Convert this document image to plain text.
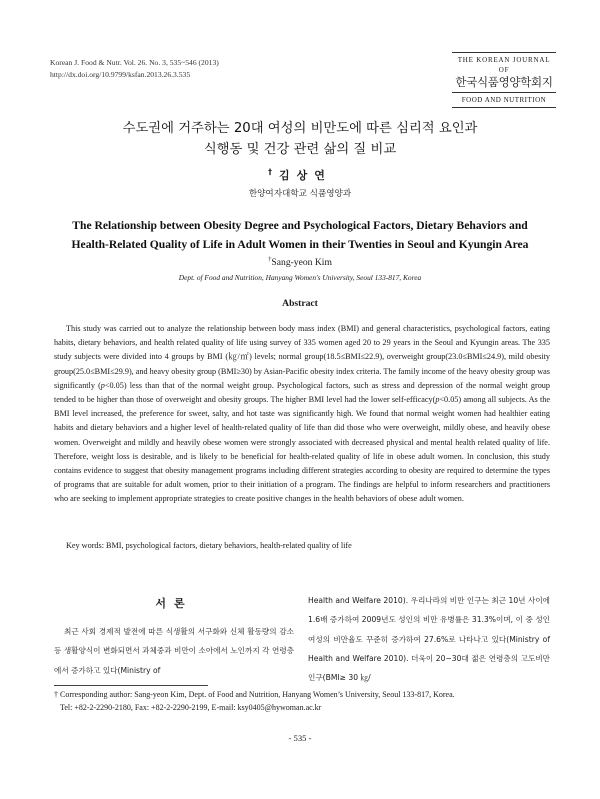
Korean J. Food & Nutr. Vol. 26. No. 3, 535~546 (2013)
http://dx.doi.org/10.9799/ksfan.2013.26.3.535
THE KOREAN JOURNAL OF
한국식품영양학회지
FOOD AND NUTRITION
수도권에 거주하는 20대 여성의 비만도에 따른 심리적 요인과
식행동 및 건강 관련 삶의 질 비교
†김상연
한양여자대학교 식품영양과
The Relationship between Obesity Degree and Psychological Factors, Dietary Behaviors and
Health-Related Quality of Life in Adult Women in their Twenties in Seoul and Kyungin Area
†Sang-yeon Kim
Dept. of Food and Nutrition, Hanyang Women's University, Seoul 133-817, Korea
Abstract

This study was carried out to analyze the relationship between body mass index (BMI) and general characteristics, psychological factors, eating habits, dietary behaviors, and health related quality of life using survey of 335 women aged 20 to 29 years in the Seoul and Kyungin areas. The 335 study subjects were divided into 4 groups by BMI (㎏/㎡) levels; normal group(18.5≤BMI≤22.9), overweight group(23.0≤BMI≤24.9), mild obesity group(25.0≤BMI≤29.9), and heavy obesity group (BMI≥30) by Asian-Pacific obesity index criteria. The family income of the heavy obesity group was significantly (p<0.05) less than that of the normal weight group. Psychological factors, such as stress and depression of the normal weight group tended to be higher than those of overweight and obesity groups. The higher BMI level had the lower self-efficacy(p<0.05) among all subjects. As the BMI level increased, the preference for sweet, salty, and hot taste was significantly high. We found that normal weight women had healthier eating habits and dietary behaviors and a higher level of health-related quality of life than did those who were overweight, mildly obese, and heavily obese women. Overweight and mildly and heavily obese women were strongly associated with decreased physical and mental health related quality of life. Therefore, weight loss is desirable, and is likely to be beneficial for health-related quality of life in obese adult women. In conclusion, this study contains evidence to suggest that obesity management programs including different strategies according to obesity are required to determine the types of programs that are suitable for adult women, prior to their initiation of a program. The findings are helpful to inform researchers and practitioners who are seeking to implement appropriate strategies to create positive changes in the health behaviors of obese adult women.

Key words: BMI, psychological factors, dietary behaviors, health-related quality of life
서론

최근 사회 경제적 발전에 따른 식생활의 서구화와 신체 활동량의 감소 등 생활양식이 변화되면서 과체중과 비만이 소아에서 노인까지 각 연령층에서 증가하고 있다(Ministry of

Health and Welfare 2010). 우리나라의 비만 인구는 최근 10년 사이에 1.6배 증가하여 2009년도 성인의 비만 유병률은 31.3%이며, 이 중 성인 여성의 비만율도 꾸준히 증가하여 27.6%로 나타나고 있다(Ministry of Health and Welfare 2010). 더욱이 20~30대 젊은 연령층의 고도비만인구(BMI≥ 30 ㎏/

† Corresponding author: Sang-yeon Kim, Dept. of Food and Nutrition, Hanyang Women’s University, Seoul 133-817, Korea.
Tel: +82-2-2290-2180, Fax: +82-2-2290-2199, E-mail: ksy0405@hywoman.ac.kr
- 535 -
